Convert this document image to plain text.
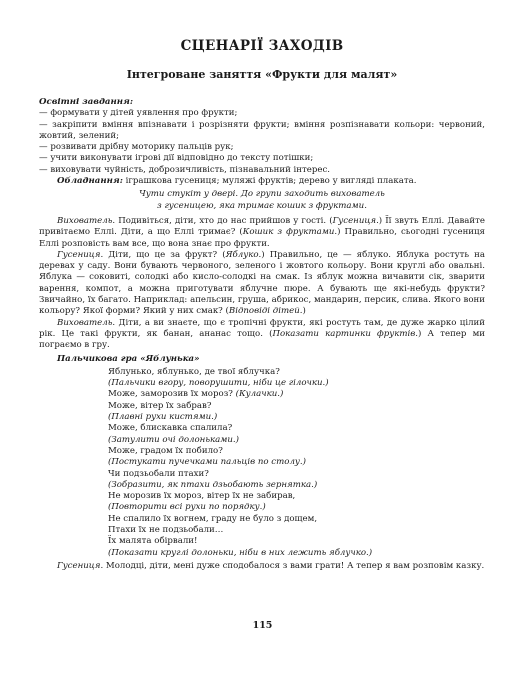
СЦЕНАРІЇ ЗАХОДІВ
Інтегроване заняття «Фрукти для малят»

Освітні завдання:

— формувати у дітей уявлення про фрукти;

— закріпити вміння впізнавати і розрізняти фрукти; вміння розпізнавати кольори: червоний, жовтий, зелений;

— розвивати дрібну моторику пальців рук;

— учити виконувати ігрові дії відповідно до тексту потішки;

— виховувати чуйність, доброзичливість, пізнавальний інтерес.

Обладнання: іграшкова гусениця; муляжі фруктів; дерево у вигляді плаката.

Чути стукіт у двері. До групи заходить вихователь
з гусеницею, яка тримає кошик з фруктами.

Вихователь. Подивіться, діти, хто до нас прийшов у гості. (Гусениця.) Її звуть Еллі. Давайте привітаємо Еллі. Діти, а що Еллі тримає? (Кошик з фруктами.) Правильно, сьогодні гусениця Еллі розповість вам все, що вона знає про фрукти.

Гусениця. Діти, що це за фрукт? (Яблуко.) Правильно, це — яблуко. Яблука ростуть на деревах у саду. Вони бувають червоного, зеленого і жовтого кольору. Вони круглі або овальні. Яблука — соковиті, солодкі або кисло-солодкі на смак. Із яблук можна вичавити сік, зварити варення, компот, а можна приготувати яблучне пюре. А бувають ще які-небудь фрукти? Звичайно, їх багато. Наприклад: апельсин, груша, абрикос, мандарин, персик, слива. Якого вони кольору? Якої форми? Який у них смак? (Відповіді дітей.)

Вихователь. Діти, а ви знаєте, що є тропічні фрукти, які ростуть там, де дуже жарко цілий рік. Це такі фрукти, як банан, ананас тощо. (Показати картинки фруктів.) А тепер ми пограємо в гру.

Пальчикова гра «Яблунька»

Яблунько, яблунько, де твої яблучка?

(Пальчики вгору, поворушити, ніби це гілочки.)

Може, заморозив їх мороз? (Кулачки.)

Може, вітер їх забрав?

(Плавні рухи кистями.)

Може, блискавка спалила?

(Затулити очі долоньками.)

Може, градом їх побило?

(Постукати пучечками пальців по столу.)

Чи подзьобали птахи?

(Зобразити, як птахи дзьобають зернятка.)

Не морозив їх мороз, вітер їх не забирав,

(Повторити всі рухи по порядку.)

Не спалило їх вогнем, граду не було з дощем,

Птахи їх не подзьобали…

Їх малята обірвали!

(Показати круглі долоньки, ніби в них лежить яблучко.)

Гусениця. Молодці, діти, мені дуже сподобалося з вами грати! А тепер я вам розповім казку.

115
